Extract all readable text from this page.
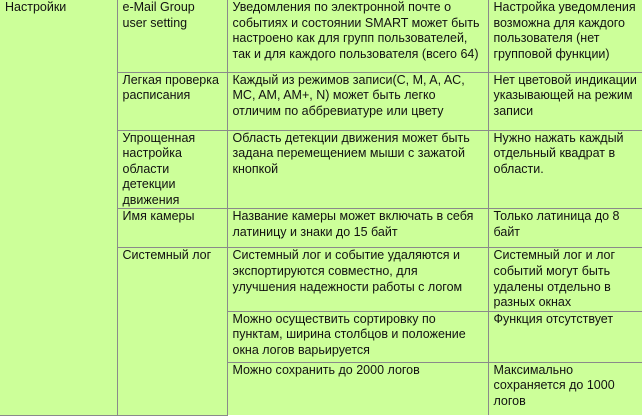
Настройки	e-Mail Group user setting	Уведомления по электронной почте о событиях и состоянии SMART может быть настроено как для групп пользователей, так и для каждого пользователя (всего 64)	Настройка уведомления возможна для каждого пользователя (нет групповой функции)

	Легкая проверка расписания	Каждый из режимов записи(C, M, A, AC, MC, AM, AM+, N) может быть легко отличим по аббревиатуре или цвету	Нет цветовой индикации указывающей на режим записи

	Упрощенная настройка области детекции движения	Область детекции движения может быть задана перемещением мыши с зажатой кнопкой	Нужно нажать каждый отдельный квадрат в области.

	Имя камеры	Название камеры может включать в себя латиницу и знаки до 15 байт	Только латиница до 8 байт

	Системный лог	Системный лог и событие удаляются и экспортируются совместно, для улучшения надежности работы с логом	Системный лог и лог событий могут быть удалены отдельно в разных окнах

		Можно осуществить сортировку по пунктам, ширина столбцов и положение окна логов варьируется	Функция отсутствует

		Можно сохранить до 2000 логов	Максимально сохраняется до 1000 логов
